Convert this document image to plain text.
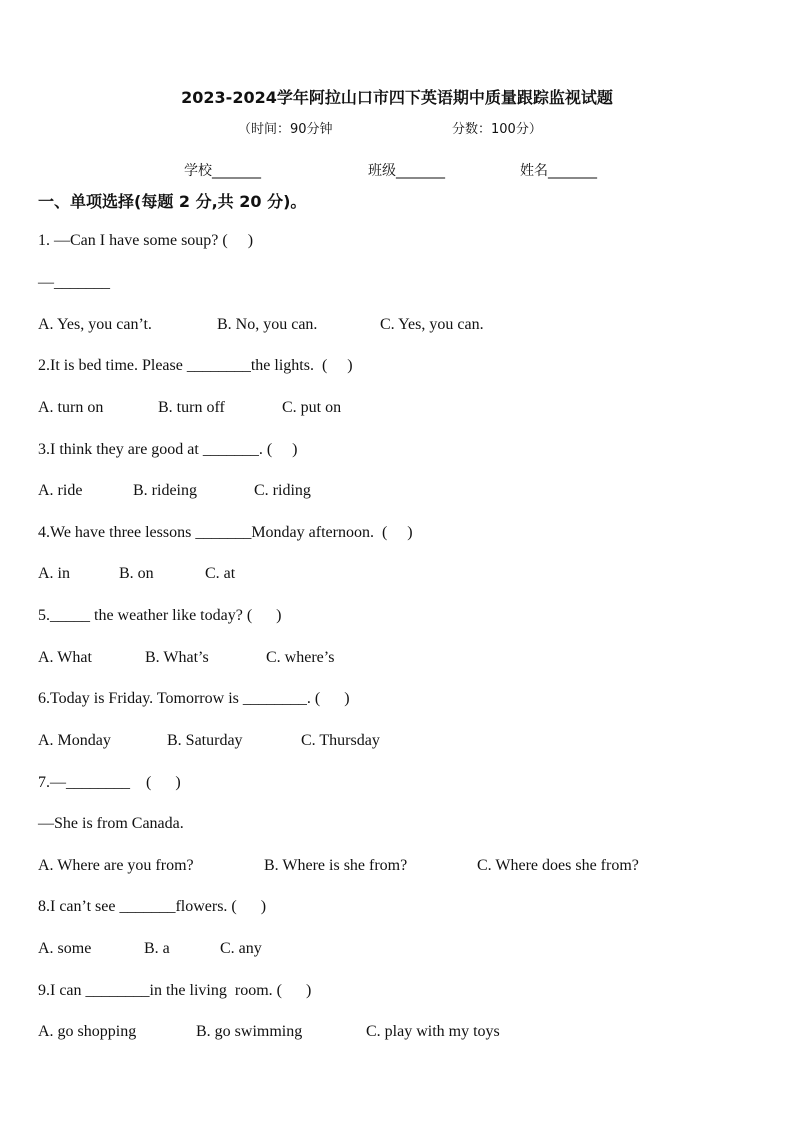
2023-2024学年阿拉山口市四下英语期中质量跟踪监视试题
（时间：90分钟	分数：100分）
学校_______	班级_______	姓名_______
一、单项选择(每题 2 分,共 20 分)。
1. —Can I have some soup? (     )
—_______

A. Yes, you can’t.

	B. No, you can.

	C. Yes, you can.

2.It is bed time. Please ________the lights.  (     )

A. turn on

	B. turn off

	C. put on

3.I think they are good at _______. (     )

A. ride

	B. rideing

	C. riding

4.We have three lessons _______Monday afternoon.  (     )

A. in

	B. on

	C. at

5._____ the weather like today? (      )

A. What

	B. What’s

	C. where’s

6.Today is Friday. Tomorrow is ________. (      )

A. Monday

	B. Saturday

	C. Thursday

7.—________    (      )
—She is from Canada.

A. Where are you from?

	B. Where is she from?

	C. Where does she from?

8.I can’t see _______flowers. (      )

A. some

	B. a

	C. any

9.I can ________in the living  room. (      )

A. go shopping

	B. go swimming

	C. play with my toys
